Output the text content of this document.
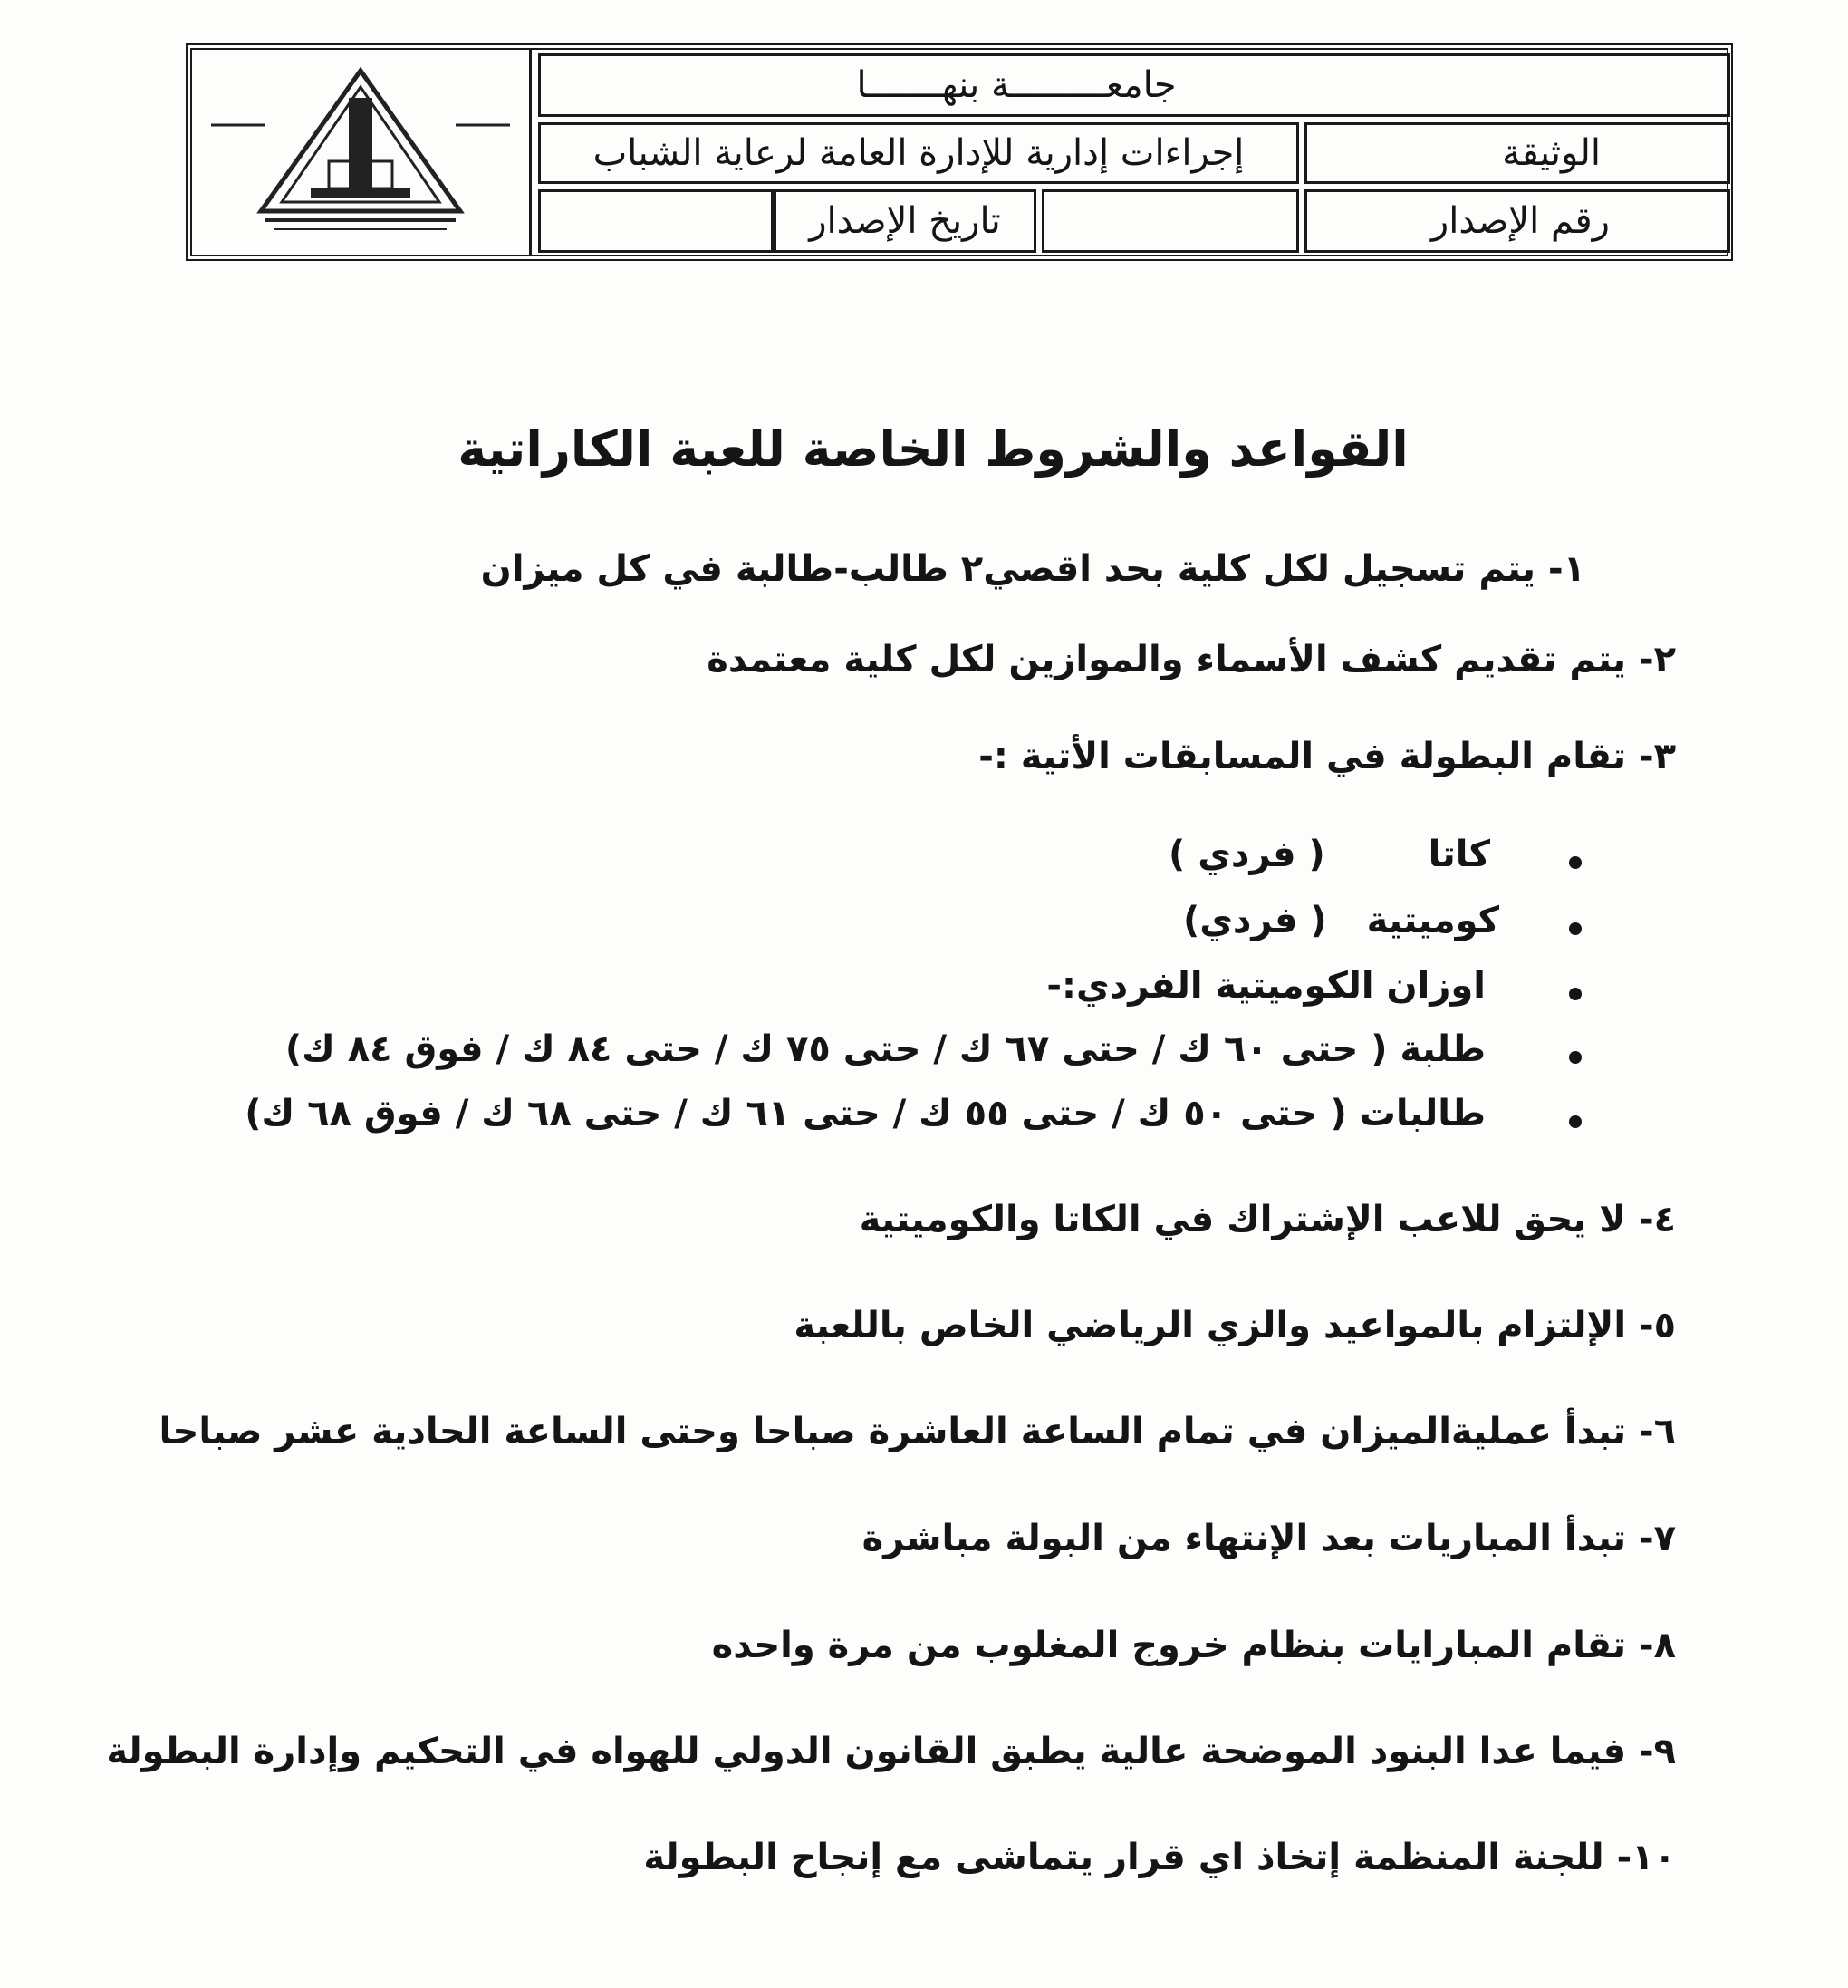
جامعـــــــــة بنهـــــــا
إجراءات إدارية للإدارة العامة لرعاية الشباب	الوثيقة
تاريخ الإصدار	رقم الإصدار
القواعد والشروط الخاصة للعبة الكاراتية
١- يتم تسجيل لكل كلية بحد اقصي٢ طالب-طالبة في كل ميزان
٢- يتم تقديم كشف الأسماء والموازين لكل كلية معتمدة
٣- تقام البطولة في المسابقات الأتية :-
كاتا ( فردي )
كوميتية ( فردي)
اوزان الكوميتية الفردي:-
طلبة ( حتى ٦٠ ك / حتى ٦٧ ك / حتى ٧٥ ك / حتى ٨٤ ك / فوق ٨٤ ك)
طالبات ( حتى ٥٠ ك / حتى ٥٥ ك / حتى ٦١ ك / حتى ٦٨ ك / فوق ٦٨ ك)
٤- لا يحق للاعب الإشتراك في الكاتا والكوميتية
٥- الإلتزام بالمواعيد والزي الرياضي الخاص باللعبة
٦- تبدأ عمليةالميزان في تمام الساعة العاشرة صباحا وحتى الساعة الحادية عشر صباحا
٧- تبدأ المباريات بعد الإنتهاء من البولة مباشرة
٨- تقام المبارايات بنظام خروج المغلوب من مرة واحده
٩- فيما عدا البنود الموضحة عالية يطبق القانون الدولي للهواه في التحكيم وإدارة البطولة
١٠- للجنة المنظمة إتخاذ اي قرار يتماشى مع إنجاح البطولة
